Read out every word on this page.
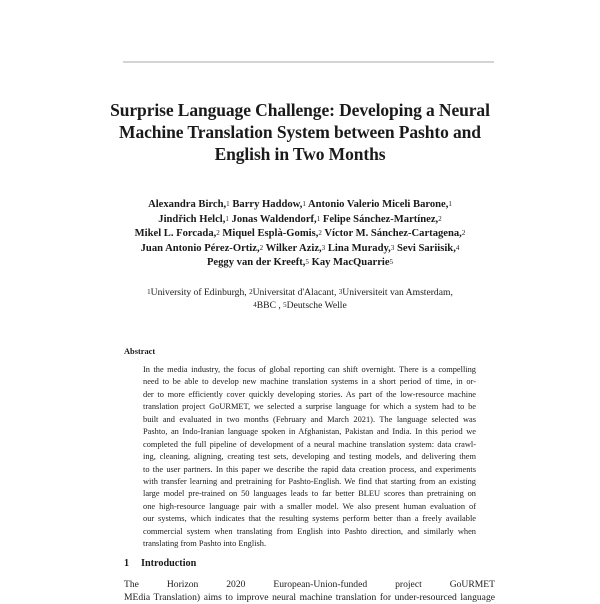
Surprise Language Challenge: Developing a Neural
Machine Translation System between Pashto and
English in Two Months
Alexandra Birch,$^1$ Barry Haddow,$^1$ Antonio Valerio Miceli Barone,$^1$
Jindřich Helcl,$^1$ Jonas Waldendorf,$^1$ Felipe Sánchez-Martínez,$^2$
Mikel L. Forcada,$^2$ Miquel Esplà-Gomis,$^2$ Víctor M. Sánchez-Cartagena,$^2$
Juan Antonio Pérez-Ortiz,$^2$ Wilker Aziz,$^3$ Lina Murady,$^3$ Sevi Sariisik,$^4$
Peggy van der Kreeft,$^5$ Kay MacQuarrie$^5$
$^1$University of Edinburgh, $^2$Universitat d'Alacant, $^3$Universiteit van Amsterdam,
$^4$BBC , $^5$Deutsche Welle
Abstract
In the media industry, the focus of global reporting can shift overnight. There is a compelling
need to be able to develop new machine translation systems in a short period of time, in or-
der to more efficiently cover quickly developing stories. As part of the low-resource machine
translation project GoURMET, we selected a surprise language for which a system had to be
built and evaluated in two months (February and March 2021). The language selected was
Pashto, an Indo-Iranian language spoken in Afghanistan, Pakistan and India. In this period we
completed the full pipeline of development of a neural machine translation system: data crawl-
ing, cleaning, aligning, creating test sets, developing and testing models, and delivering them
to the user partners. In this paper we describe the rapid data creation process, and experiments
with transfer learning and pretraining for Pashto-English. We find that starting from an existing
large model pre-trained on 50 languages leads to far better BLEU scores than pretraining on
one high-resource language pair with a smaller model. We also present human evaluation of
our systems, which indicates that the resulting systems perform better than a freely available
commercial system when translating from English into Pashto direction, and similarly when
translating from Pashto into English.
1 Introduction
The Horizon 2020 European-Union-funded project GoURMET
MEdia Translation) aims to improve neural machine translation for under-resourced language
